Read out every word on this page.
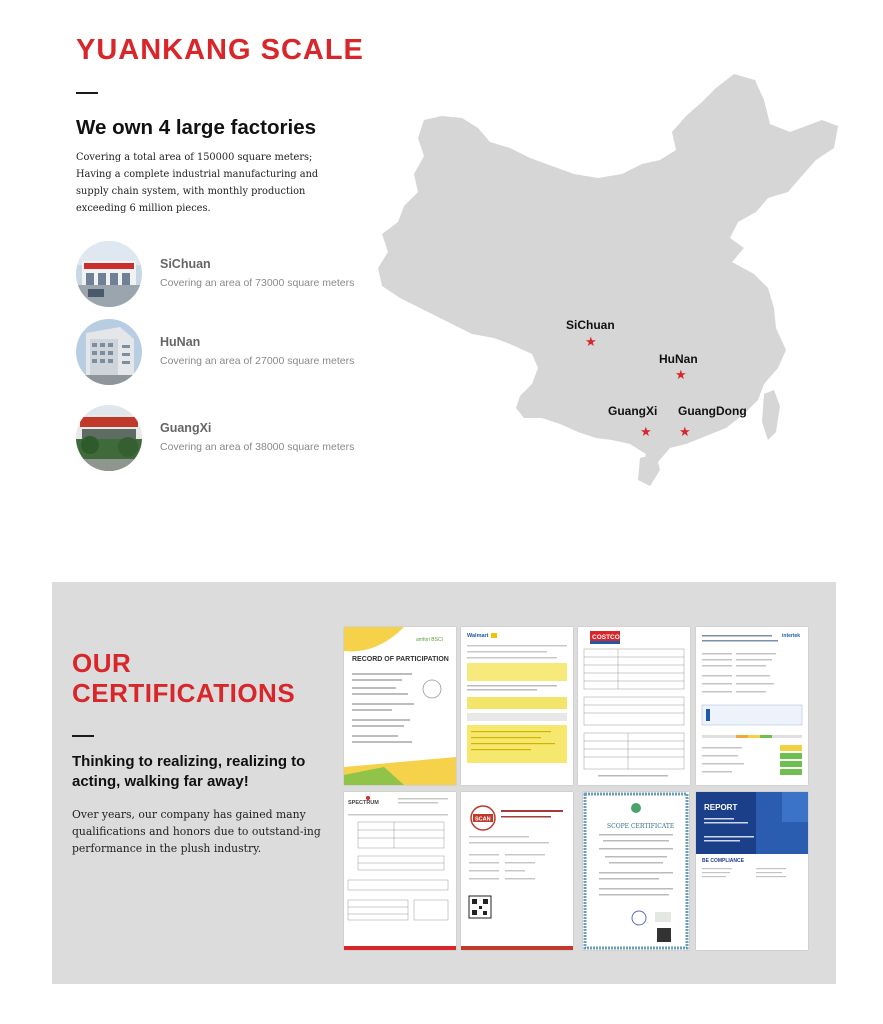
YUANKANG SCALE
We own 4 large factories
Covering a total area of 150000 square meters; Having a complete industrial manufacturing and supply chain system, with monthly production exceeding 6 million pieces.
SiChuan
Covering an area of 73000 square meters
HuNan
Covering an area of 27000 square meters
GuangXi
Covering an area of 38000 square meters
SiChuan
★
HuNan
★
GuangXi
★
GuangDong
★
OUR
CERTIFICATIONS
Thinking to realizing, realizing to acting, walking far away!
Over years, our company has gained many qualifications and honors due to outstand-ing performance in the plush industry.
RECORD OF PARTICIPATION
amfori BSCI
Walmart	COSTCO	intertek
SPECTRUM
SCAN
SCOPE CERTIFICATE
REPORT
BE COMPLIANCE
